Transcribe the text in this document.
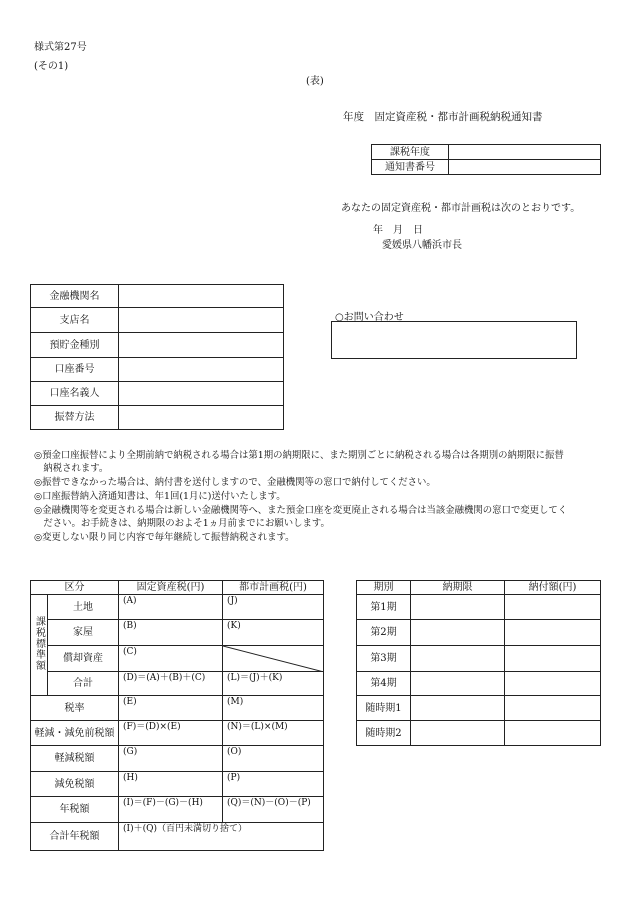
様式第27号
(その1)
(表)
年度　固定資産税・都市計画税納税通知書
課税年度	
通知書番号	
あなたの固定資産税・都市計画税は次のとおりです。
年　月　日
愛媛県八幡浜市長
金融機関名	
支店名	
預貯金種別	
口座番号	
口座名義人	
振替方法	
○お問い合わせ
◎預金口座振替により全期前納で納税される場合は第1期の納期限に、また期別ごとに納税される場合は各期別の納期限に振替
　納税されます。
◎振替できなかった場合は、納付書を送付しますので、金融機関等の窓口で納付してください。
◎口座振替納入済通知書は、年1回(1月に)送付いたします。
◎金融機関等を変更される場合は新しい金融機関等へ、また預金口座を変更廃止される場合は当該金融機関の窓口で変更してく
　ださい。お手続きは、納期限のおよそ1ヵ月前までにお願いします。
◎変更しない限り同じ内容で毎年継続して振替納税されます。
区分		固定資産税(円)	都市計画税(円)
課税標準額	土地	(A)	(J)
	家屋	(B)	(K)
	償却資産	(C)	

	合計	(D)＝(A)＋(B)＋(C)	(L)＝(J)＋(K)
税率		(E)	(M)
軽減・減免前税額		(F)＝(D)×(E)	(N)＝(L)×(M)
軽減税額		(G)	(O)
減免税額		(H)	(P)
年税額		(I)＝(F)－(G)－(H)	(Q)＝(N)－(O)－(P)
合計年税額		(I)＋(Q)（百円未満切り捨て）	
期別	納期限	納付額(円)
第1期		
第2期		
第3期		
第4期		
随時期1		
随時期2		
